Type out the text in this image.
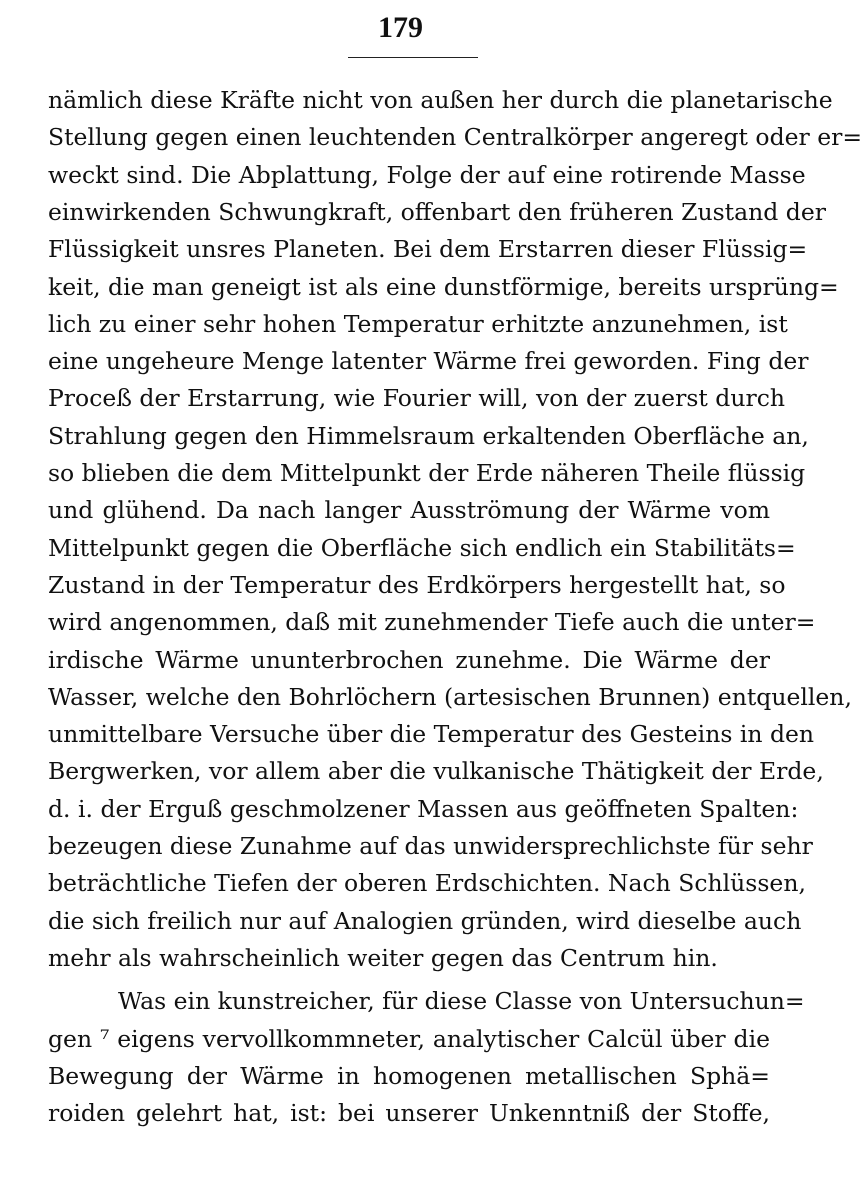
179
nämlich diese Kräfte nicht von außen her durch die planetarische
Stellung gegen einen leuchtenden Centralkörper angeregt oder er=
weckt sind. Die Abplattung, Folge der auf eine rotirende Masse
einwirkenden Schwungkraft, offenbart den früheren Zustand der
Flüssigkeit unsres Planeten. Bei dem Erstarren dieser Flüssig=
keit, die man geneigt ist als eine dunstförmige, bereits ursprüng=
lich zu einer sehr hohen Temperatur erhitzte anzunehmen, ist
eine ungeheure Menge latenter Wärme frei geworden. Fing der
Proceß der Erstarrung, wie Fourier will, von der zuerst durch
Strahlung gegen den Himmelsraum erkaltenden Oberfläche an,
so blieben die dem Mittelpunkt der Erde näheren Theile flüssig
und glühend. Da nach langer Ausströmung der Wärme vom
Mittelpunkt gegen die Oberfläche sich endlich ein Stabilitäts=
Zustand in der Temperatur des Erdkörpers hergestellt hat, so
wird angenommen, daß mit zunehmender Tiefe auch die unter=
irdische Wärme ununterbrochen zunehme. Die Wärme der
Wasser, welche den Bohrlöchern (artesischen Brunnen) entquellen,
unmittelbare Versuche über die Temperatur des Gesteins in den
Bergwerken, vor allem aber die vulkanische Thätigkeit der Erde,
d. i. der Erguß geschmolzener Massen aus geöffneten Spalten:
bezeugen diese Zunahme auf das unwidersprechlichste für sehr
beträchtliche Tiefen der oberen Erdschichten. Nach Schlüssen,
die sich freilich nur auf Analogien gründen, wird dieselbe auch
mehr als wahrscheinlich weiter gegen das Centrum hin.
Was ein kunstreicher, für diese Classe von Untersuchun=
gen ⁷ eigens vervollkommneter, analytischer Calcül über die
Bewegung der Wärme in homogenen metallischen Sphä=
roiden gelehrt hat, ist: bei unserer Unkenntniß der Stoffe,
